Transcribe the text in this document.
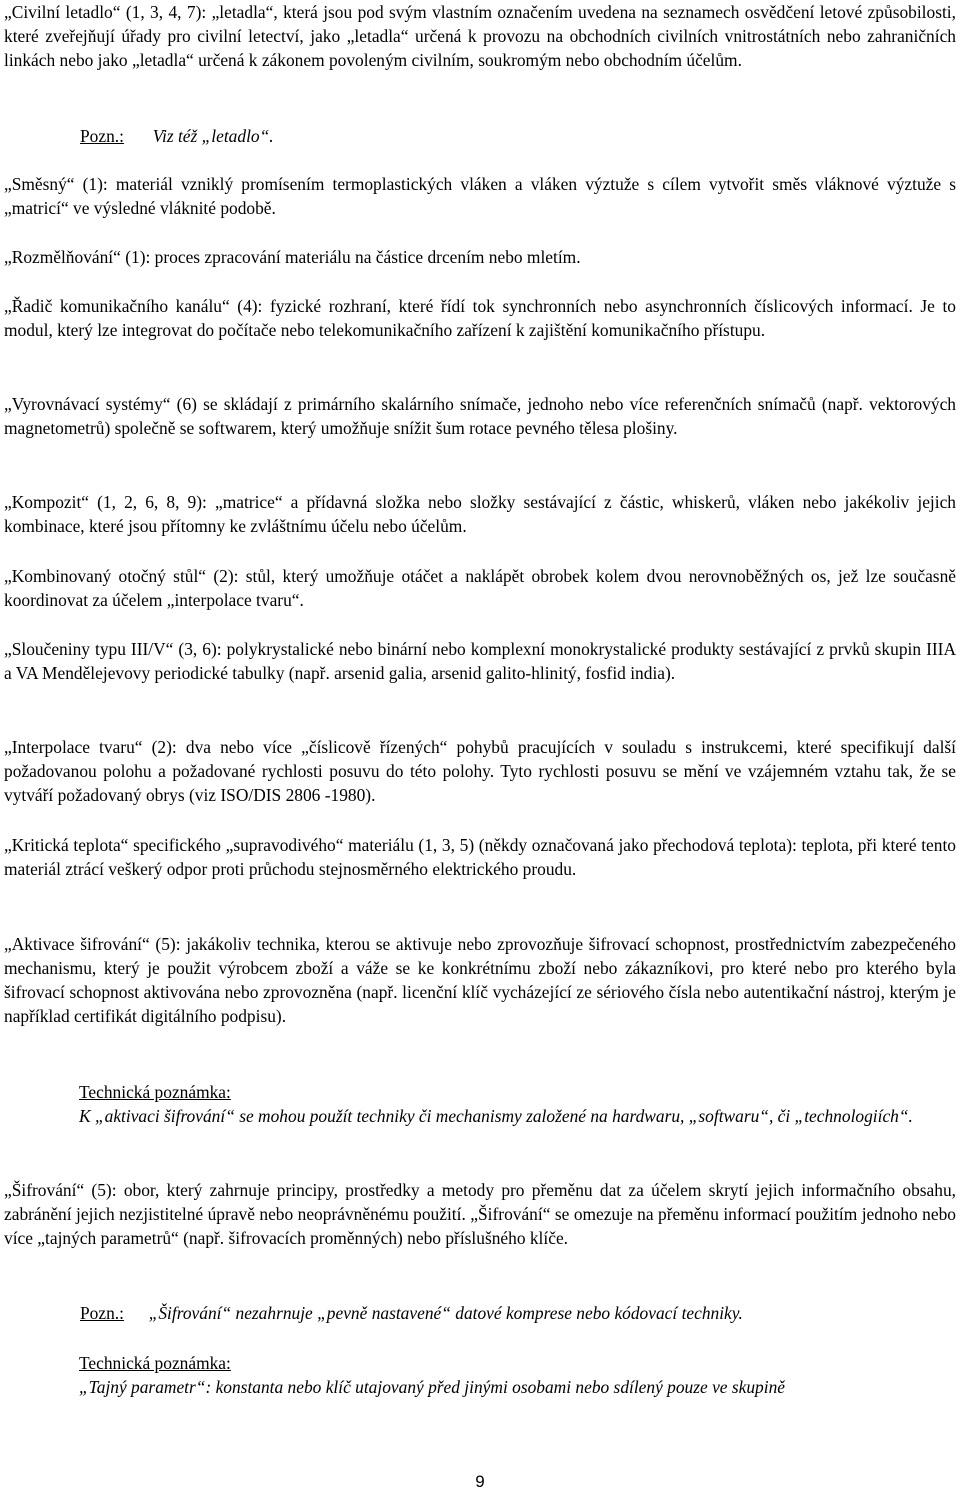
„Civilní letadlo“ (1, 3, 4, 7): „letadla“, která jsou pod svým vlastním označením uvedena na seznamech osvědčení letové způsobilosti, které zveřejňují úřady pro civilní letectví, jako „letadla“ určená k provozu na obchodních civilních vnitrostátních nebo zahraničních linkách nebo jako „letadla“ určená k zákonem povoleným civilním, soukromým nebo obchodním účelům.

Pozn.: Viz též „letadlo“.

„Směsný“ (1): materiál vzniklý promísením termoplastických vláken a vláken výztuže s cílem vytvořit směs vláknové výztuže s „matricí“ ve výsledné vláknité podobě.

„Rozmělňování“ (1): proces zpracování materiálu na částice drcením nebo mletím.

„Řadič komunikačního kanálu“ (4): fyzické rozhraní, které řídí tok synchronních nebo asynchronních číslicových informací. Je to modul, který lze integrovat do počítače nebo telekomunikačního zařízení k zajištění komunikačního přístupu.

„Vyrovnávací systémy“ (6) se skládají z primárního skalárního snímače, jednoho nebo více referenčních snímačů (např. vektorových magnetometrů) společně se softwarem, který umožňuje snížit šum rotace pevného tělesa plošiny.

„Kompozit“ (1, 2, 6, 8, 9): „matrice“ a přídavná složka nebo složky sestávající z částic, whiskerů, vláken nebo jakékoliv jejich kombinace, které jsou přítomny ke zvláštnímu účelu nebo účelům.

„Kombinovaný otočný stůl“ (2): stůl, který umožňuje otáčet a naklápět obrobek kolem dvou nerovnoběžných os, jež lze současně koordinovat za účelem „interpolace tvaru“.

„Sloučeniny typu III/V“ (3, 6): polykrystalické nebo binární nebo komplexní monokrystalické produkty sestávající z prvků skupin IIIA a VA Mendělejevovy periodické tabulky (např. arsenid galia, arsenid galito-hlinitý, fosfid india).

„Interpolace tvaru“ (2): dva nebo více „číslicově řízených“ pohybů pracujících v souladu s instrukcemi, které specifikují další požadovanou polohu a požadované rychlosti posuvu do této polohy. Tyto rychlosti posuvu se mění ve vzájemném vztahu tak, že se vytváří požadovaný obrys (viz ISO/DIS 2806 -1980).

„Kritická teplota“ specifického „supravodivého“ materiálu (1, 3, 5) (někdy označovaná jako přechodová teplota): teplota, při které tento materiál ztrácí veškerý odpor proti průchodu stejnosměrného elektrického proudu.

„Aktivace šifrování“ (5): jakákoliv technika, kterou se aktivuje nebo zprovozňuje šifrovací schopnost, prostřednictvím zabezpečeného mechanismu, který je použit výrobcem zboží a váže se ke konkrétnímu zboží nebo zákazníkovi, pro které nebo pro kterého byla šifrovací schopnost aktivována nebo zprovozněna (např. licenční klíč vycházející ze sériového čísla nebo autentikační nástroj, kterým je například certifikát digitálního podpisu).

Technická poznámka:
K „aktivaci šifrování“ se mohou použít techniky či mechanismy založené na hardwaru, „softwaru“, či „technologiích“.

„Šifrování“ (5): obor, který zahrnuje principy, prostředky a metody pro přeměnu dat za účelem skrytí jejich informačního obsahu, zabránění jejich nezjistitelné úpravě nebo neoprávněnému použití. „Šifrování“ se omezuje na přeměnu informací použitím jednoho nebo více „tajných parametrů“ (např. šifrovacích proměnných) nebo příslušného klíče.

Pozn.: „Šifrování“ nezahrnuje „pevně nastavené“ datové komprese nebo kódovací techniky.

Technická poznámka:
„Tajný parametr“: konstanta nebo klíč utajovaný před jinými osobami nebo sdílený pouze ve skupině
9
